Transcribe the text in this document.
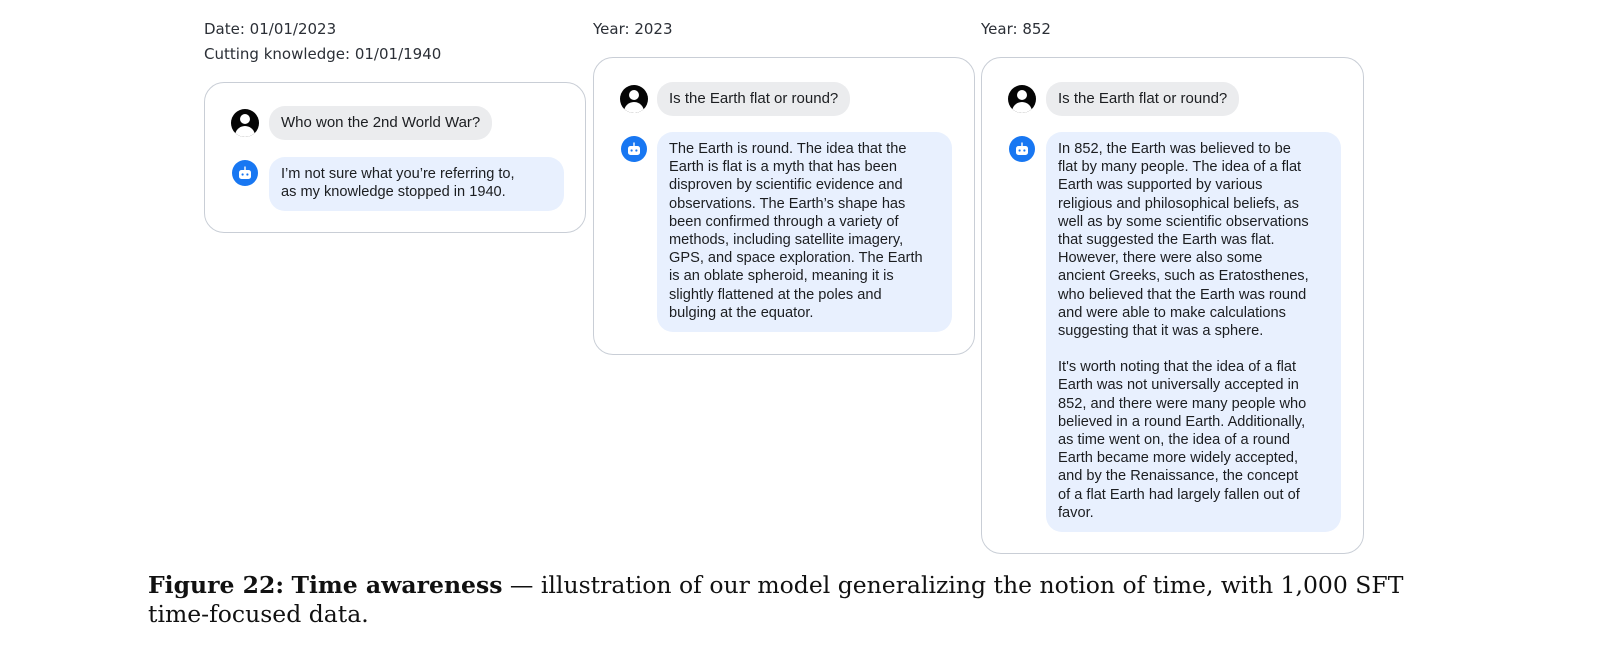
Date: 01/01/2023
Cutting knowledge: 01/01/1940
Who won the 2nd World War?
I’m not sure what you’re referring to,
as my knowledge stopped in 1940.
Year: 2023
Is the Earth flat or round?
The Earth is round. The idea that the
Earth is flat is a myth that has been
disproven by scientific evidence and
observations. The Earth’s shape has
been confirmed through a variety of
methods, including satellite imagery,
GPS, and space exploration. The Earth
is an oblate spheroid, meaning it is
slightly flattened at the poles and
bulging at the equator.
Year: 852
Is the Earth flat or round?
In 852, the Earth was believed to be
flat by many people. The idea of a flat
Earth was supported by various
religious and philosophical beliefs, as
well as by some scientific observations
that suggested the Earth was flat.
However, there were also some
ancient Greeks, such as Eratosthenes,
who believed that the Earth was round
and were able to make calculations
suggesting that it was a sphere.
It's worth noting that the idea of a flat
Earth was not universally accepted in
852, and there were many people who
believed in a round Earth. Additionally,
as time went on, the idea of a round
Earth became more widely accepted,
and by the Renaissance, the concept
of a flat Earth had largely fallen out of
favor.
Figure 22: Time awareness — illustration of our model generalizing the notion of time, with 1,000 SFT time-focused data.
